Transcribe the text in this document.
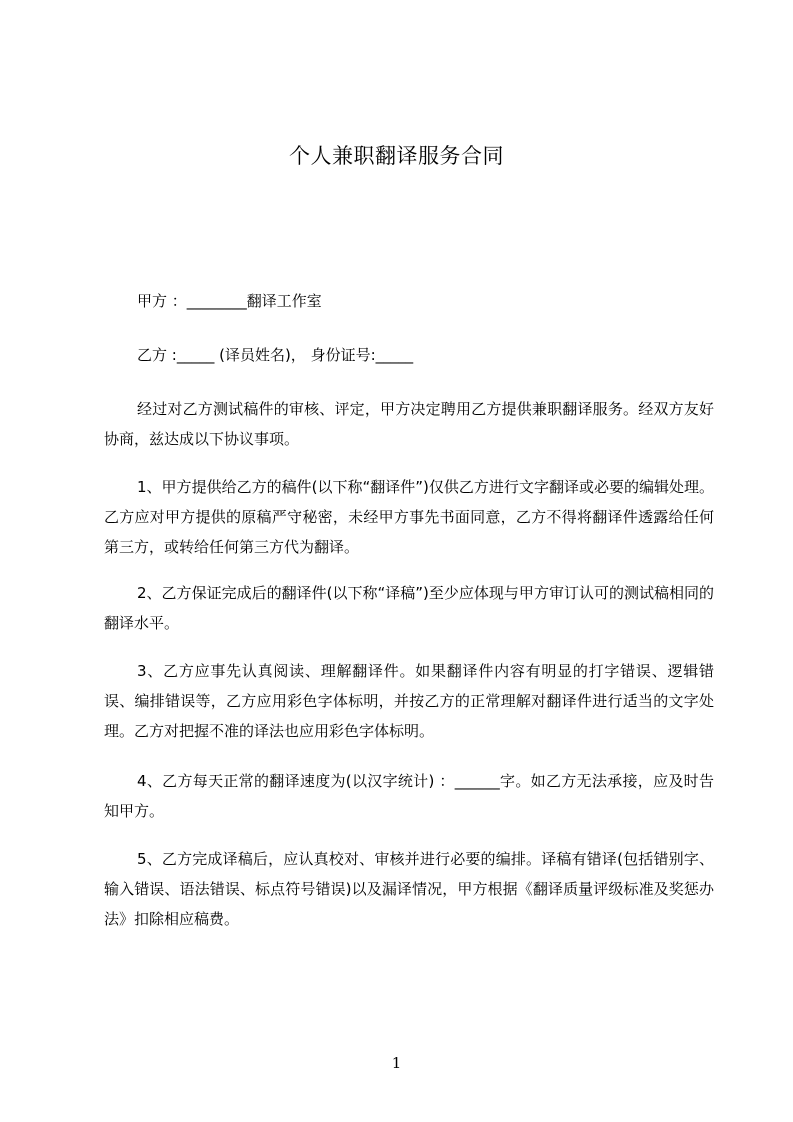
个人兼职翻译服务合同
甲方 ：________翻译工作室
乙方 :_____ (译员姓名)， 身份证号:_____

经过对乙方测试稿件的审核、评定，甲方决定聘用乙方提供兼职翻译服务。经双方友好协商，兹达成以下协议事项。

1、甲方提供给乙方的稿件(以下称“翻译件”)仅供乙方进行文字翻译或必要的编辑处理。乙方应对甲方提供的原稿严守秘密，未经甲方事先书面同意，乙方不得将翻译件透露给任何第三方，或转给任何第三方代为翻译。

2、乙方保证完成后的翻译件(以下称“译稿”)至少应体现与甲方审订认可的测试稿相同的翻译水平。

3、乙方应事先认真阅读、理解翻译件。如果翻译件内容有明显的打字错误、逻辑错误、编排错误等，乙方应用彩色字体标明，并按乙方的正常理解对翻译件进行适当的文字处理。乙方对把握不准的译法也应用彩色字体标明。

4、乙方每天正常的翻译速度为(以汉字统计) ：______字。如乙方无法承接，应及时告知甲方。

5、乙方完成译稿后，应认真校对、审核并进行必要的编排。译稿有错译(包括错别字、输入错误、语法错误、标点符号错误)以及漏译情况，甲方根据《翻译质量评级标准及奖惩办法》扣除相应稿费。

1
